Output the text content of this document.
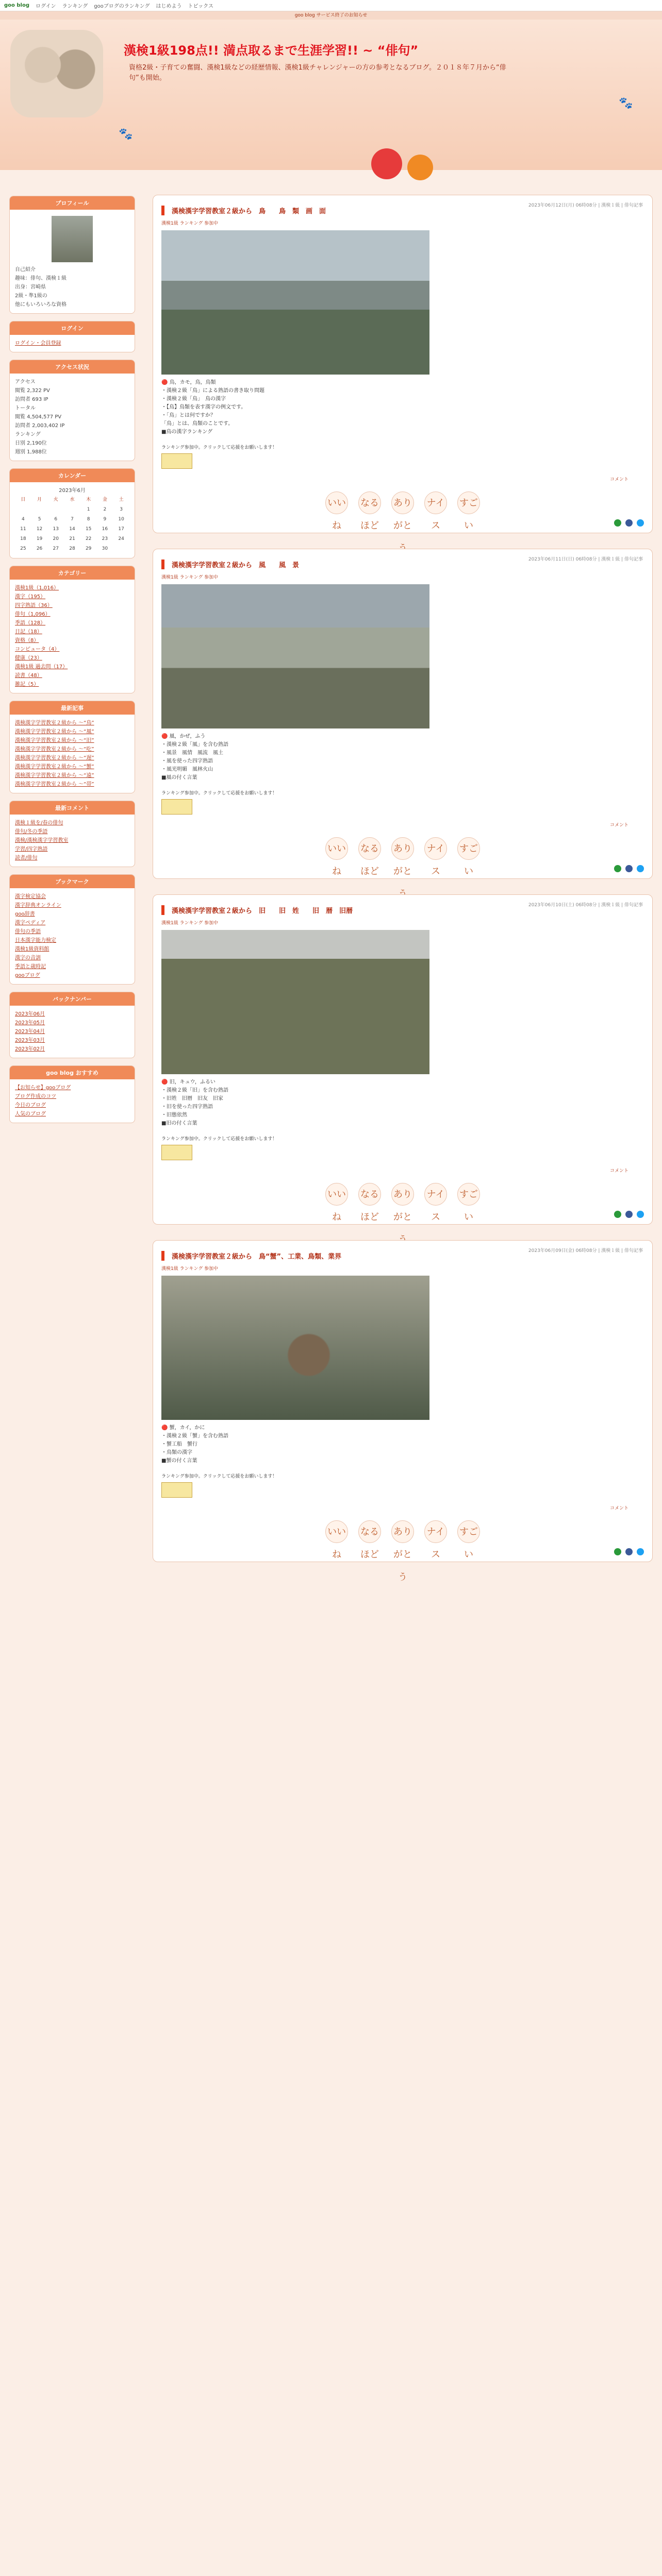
goo blog ログイン ランキング gooブログのランキング はじめよう トピックス
goo blog サービス終了のお知らせ
漢検1級198点!! 満点取るまで生涯学習!! ~ “俳句”
資格2級・子育ての奮闘、漢検1級などの経歴情報、漢検1級チャレンジャーの方の参考となるブログ。２０１８年７月から“俳句”も開始。
🐾
🐾
プロフィール
自己紹介
趣味：俳句、漢検１級
出身：宮崎県
2級・準1級の
他にもいろいろな資格
ログイン
ログイン・会員登録
アクセス状況
アクセス
閲覧 2,322 PV
訪問者 693 IP
トータル
閲覧 4,504,577 PV
訪問者 2,003,402 IP
ランキング
日別 2,190位
週別 1,988位
カレンダー
2023年6月
日	月	火	水	木	金	土
				1	2	3
4	5	6	7	8	9	10
11	12	13	14	15	16	17
18	19	20	21	22	23	24
25	26	27	28	29	30	
カテゴリー
漢検1級（1,016）
漢字（195）
四字熟語（36）
俳句（1,096）
季語（128）
日記（18）
資格（8）
コンピュータ（4）
健康（23）
漢検1級 過去問（17）
読書（48）
雑記（5）
最新記事
漢検漢字学習教室２級から ～“鳥”
漢検漢字学習教室２級から ～“風”
漢検漢字学習教室２級から ～“旧”
漢検漢字学習教室２級から ～“吃”
漢検漢字学習教室２級から ～“遅”
漢検漢字学習教室２級から ～“蟹”
漢検漢字学習教室２級から ～“遠”
漢検漢字学習教室２級から ～“帯”
最新コメント
漢検１級を/春の俳句
俳句/冬の季語
漢検/漢検漢字学習教室
学習/四字熟語
読者/俳句
ブックマーク
漢字検定協会
漢字辞典オンライン
goo辞書
漢字ペディア
俳句の季語
日本漢字能力検定
漢検1級資料館
漢字の音訓
季語と歳時記
gooブログ
バックナンバー
2023年06月
2023年05月
2023年04月
2023年03月
2023年02月
goo blog おすすめ
【お知らせ】gooブログ
ブログ作成のコツ
今日のブログ
人気のブログ
2023年06月12日(月) 06時08分 | 漢検１級 | 俳句記事
漢検漢字学習教室２級から　鳥　　鳥　類　画　面
漢検1級 ランキング 参加中
🔴 鳥，カモ，鳥，鳥類
・漢検２級「鳥」による熟語の書き取り問題
・漢検２級「鳥」　鳥の漢字
・【鳥】鳥類を表す漢字の例文です。
・「鳥」とは何ですか？
「鳥」とは、鳥類のことです。
■鳥の漢字ランキング
ランキング参加中。クリックして応援をお願いします！
コメント
いいね
なるほど
ありがと
ナイス
すごい
2023年06月11日(日) 06時08分 | 漢検１級 | 俳句記事
漢検漢字学習教室２級から　風　　風　景
漢検1級 ランキング 参加中
🔴 風，かぜ，ふう
・漢検２級「風」を含む熟語
・風景　風情　風流　風土
・風を使った四字熟語
・風光明媚　風林火山
■風の付く言葉
ランキング参加中。クリックして応援をお願いします！
コメント
いいね
なるほど
ありがと
ナイス
すごい
2023年06月10日(土) 06時08分 | 漢検１級 | 俳句記事
漢検漢字学習教室２級から　旧　　旧　姓　　旧　暦　旧暦
漢検1級 ランキング 参加中
🔴 旧，キュウ，ふるい
・漢検２級「旧」を含む熟語
・旧姓　旧暦　旧友　旧家
・旧を使った四字熟語
・旧態依然
■旧の付く言葉
ランキング参加中。クリックして応援をお願いします！
コメント
いいね
なるほど
ありがと
ナイス
すごい
2023年06月09日(金) 06時08分 | 漢検１級 | 俳句記事
漢検漢字学習教室２級から　鳥“蟹”、工業、鳥類、業界
漢検1級 ランキング 参加中
🔴 蟹，カイ，かに
・漢検２級「蟹」を含む熟語
・蟹工船　蟹行
・鳥類の漢字
■蟹の付く言葉
ランキング参加中。クリックして応援をお願いします！
コメント
いいね
なるほど
ありがとう
ナイス
すごい
